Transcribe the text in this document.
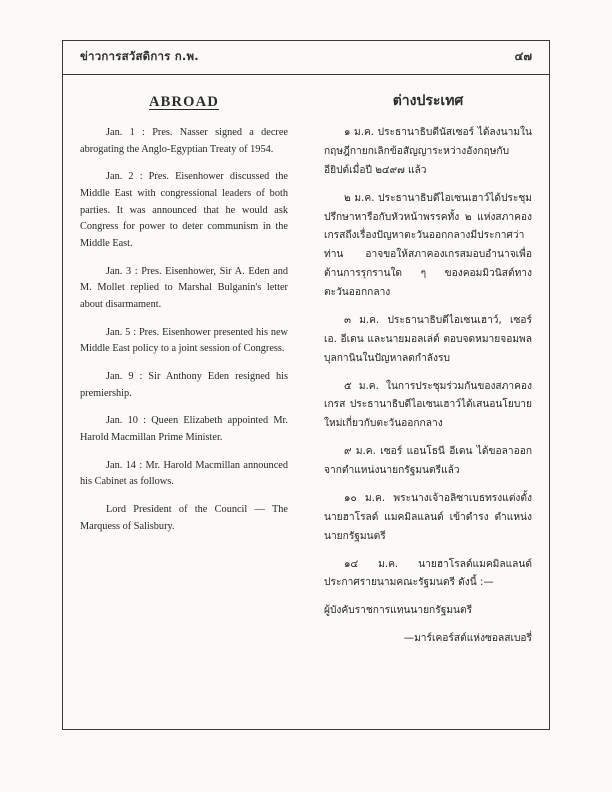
ข่าวการสวัสดิการ ก.พ.	๔๗
ABROAD

Jan. 1 : Pres. Nasser signed a decree abrogating the Anglo-Egyptian Treaty of 1954.

Jan. 2 : Pres. Eisenhower discussed the Middle East with congressional leaders of both parties. It was announced that he would ask Congress for power to deter communism in the Middle East.

Jan. 3 : Pres. Eisenhower, Sir A. Eden and M. Mollet replied to Marshal Bulganin's letter about disarmament.

Jan. 5 : Pres. Eisenhower presented his new Middle East policy to a joint session of Congress.

Jan. 9 : Sir Anthony Eden resigned his premiership.

Jan. 10 : Queen Elizabeth appointed Mr. Harold Macmillan Prime Minister.

Jan. 14 : Mr. Harold Macmillan announced his Cabinet as follows.

Lord President of the Council — The Marquess of Salisbury.

ต่างประเทศ

๑ ม.ค. ประธานาธิบดีนัสเซอร์ ได้ลงนามในกฤษฎีกายกเลิกข้อสัญญาระหว่างอังกฤษกับอียิปต์เมื่อปี ๒๔๙๗ แล้ว

๒ ม.ค. ประธานาธิบดีไอเซนเฮาว์ได้ประชุมปรึกษาหารือกับหัวหน้าพรรคทั้ง ๒ แห่งสภาคองเกรสถึงเรื่องปัญหาตะวันออกกลางมีประกาศว่าท่าน อาจขอให้สภาคองเกรสมอบอำนาจเพื่อต้านการรุกรานใด ๆ ของคอมมิวนิสต์ทางตะวันออกกลาง

๓ ม.ค. ประธานาธิบดีไอเซนเฮาว์, เซอร์ เอ. อีเดน และนายมอลเล่ต์ ตอบจดหมายจอมพลบุลกานินในปัญหาลดกำลังรบ

๕ ม.ค. ในการประชุมร่วมกันของสภาคองเกรส ประธานาธิบดีไอเซนเฮาว์ได้เสนอนโยบายใหม่เกี่ยวกับตะวันออกกลาง

๙ ม.ค. เซอร์ แอนโธนี อีเดน ได้ขอลาออกจากตำแหน่งนายกรัฐมนตรีแล้ว

๑๐ ม.ค. พระนางเจ้าอลิซาเบธทรงแต่งตั้งนายฮาโรลด์ แมคมิลแลนด์ เข้าดำรง ตำแหน่งนายกรัฐมนตรี

๑๔ ม.ค. นายฮาโรลด์แมคมิลแลนด์ประกาศรายนามคณะรัฐมนตรี ดังนี้ :—

ผู้บังคับราชการแทนนายกรัฐมนตรี

—มาร์เคอร์สต์แห่งซอลสเบอรี่
